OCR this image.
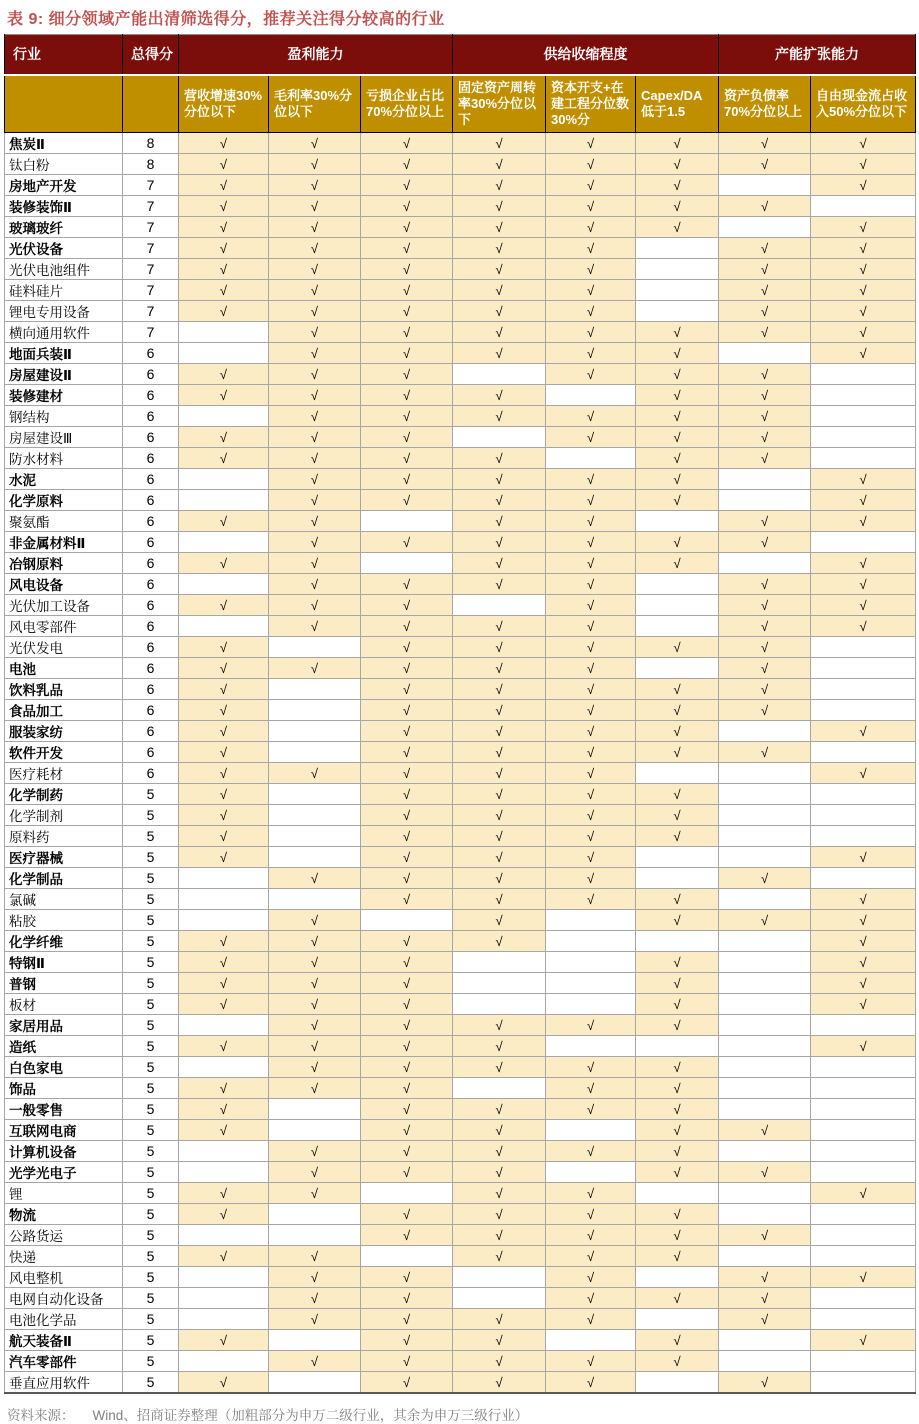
表 9: 细分领域产能出清筛选得分，推荐关注得分较高的行业
行业	总得分	盈利能力			供给收缩程度			产能扩张能力	
		营收增速30%分位以下	毛利率30%分位以下	亏损企业占比70%分位以上	固定资产周转率30%分位以下	资本开支+在建工程分位数30%分	Capex/DA低于1.5	资产负债率70%分位以上	自由现金流占收入50%分位以下
焦炭Ⅱ	8	√	√	√	√	√	√	√	√
钛白粉	8	√	√	√	√	√	√	√	√
房地产开发	7	√	√	√	√	√	√		√
装修装饰Ⅱ	7	√	√	√	√	√	√	√	
玻璃玻纤	7	√	√	√	√	√	√		√
光伏设备	7	√	√	√	√	√		√	√
光伏电池组件	7	√	√	√	√	√		√	√
硅料硅片	7	√	√	√	√	√		√	√
锂电专用设备	7	√	√	√	√	√		√	√
横向通用软件	7		√	√	√	√	√	√	√
地面兵装Ⅱ	6		√	√	√	√	√		√
房屋建设Ⅱ	6	√	√	√		√	√	√	
装修建材	6	√	√	√	√		√	√	
钢结构	6		√	√	√	√	√	√	
房屋建设Ⅲ	6	√	√	√		√	√	√	
防水材料	6	√	√	√	√		√	√	
水泥	6		√	√	√	√	√		√
化学原料	6		√	√	√	√	√		√
聚氨酯	6	√	√		√	√		√	√
非金属材料Ⅱ	6		√	√	√	√	√	√	
冶钢原料	6	√	√		√	√	√		√
风电设备	6		√	√	√	√		√	√
光伏加工设备	6	√	√	√		√		√	√
风电零部件	6		√	√	√	√		√	√
光伏发电	6	√		√	√	√	√	√	
电池	6	√	√	√	√	√		√	
饮料乳品	6	√		√	√	√	√	√	
食品加工	6	√		√	√	√	√	√	
服装家纺	6	√		√	√	√	√		√
软件开发	6	√		√	√	√	√	√	
医疗耗材	6	√	√	√	√	√			√
化学制药	5	√		√	√	√	√		
化学制剂	5	√		√	√	√	√		
原料药	5	√		√	√	√	√		
医疗器械	5	√		√	√	√			√
化学制品	5		√	√	√	√		√	
氯碱	5			√	√	√	√		√
粘胶	5		√		√		√	√	√
化学纤维	5	√	√	√	√				√
特钢Ⅱ	5	√	√	√			√		√
普钢	5	√	√	√			√		√
板材	5	√	√	√			√		√
家居用品	5		√	√	√	√	√		
造纸	5	√	√	√	√				√
白色家电	5		√	√	√	√	√		
饰品	5	√	√	√		√	√		
一般零售	5	√		√	√	√	√		
互联网电商	5	√		√	√		√	√	
计算机设备	5		√	√	√	√	√		
光学光电子	5		√	√	√		√	√	
锂	5	√	√		√	√			√
物流	5	√		√	√	√	√		
公路货运	5			√	√	√	√	√	
快递	5	√	√		√	√	√		
风电整机	5		√	√		√		√	√
电网自动化设备	5		√	√		√	√	√	
电池化学品	5		√	√	√	√		√	
航天装备Ⅱ	5	√		√	√		√		√
汽车零部件	5		√	√	√	√	√		
垂直应用软件	5	√		√	√	√		√	
资料来源： Wind、招商证券整理（加粗部分为申万二级行业，其余为申万三级行业）
